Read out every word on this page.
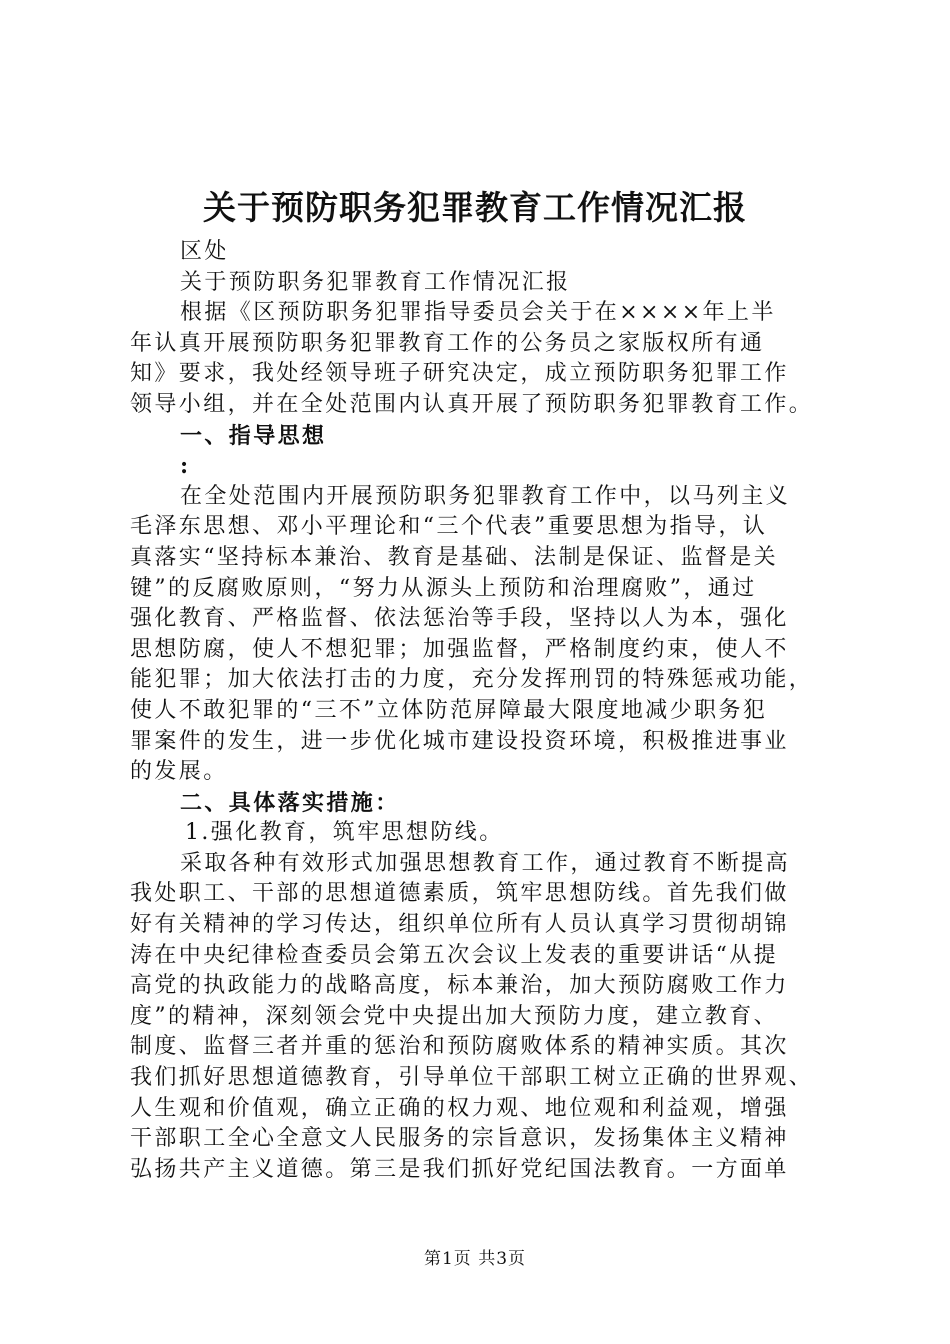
关于预防职务犯罪教育工作情况汇报
区处
关于预防职务犯罪教育工作情况汇报
根据《区预防职务犯罪指导委员会关于在××××年上半
年认真开展预防职务犯罪教育工作的公务员之家版权所有通
知》要求，我处经领导班子研究决定，成立预防职务犯罪工作
领导小组，并在全处范围内认真开展了预防职务犯罪教育工作。
一、指导思想
:
在全处范围内开展预防职务犯罪教育工作中，以马列主义
毛泽东思想、邓小平理论和“三个代表”重要思想为指导，认
真落实“坚持标本兼治、教育是基础、法制是保证、监督是关
键”的反腐败原则，“努力从源头上预防和治理腐败”，通过
强化教育、严格监督、依法惩治等手段，坚持以人为本，强化
思想防腐，使人不想犯罪；加强监督，严格制度约束，使人不
能犯罪；加大依法打击的力度，充分发挥刑罚的特殊惩戒功能，
使人不敢犯罪的“三不”立体防范屏障最大限度地减少职务犯
罪案件的发生，进一步优化城市建设投资环境，积极推进事业
的发展。
二、具体落实措施：
1.强化教育，筑牢思想防线。
采取各种有效形式加强思想教育工作，通过教育不断提高
我处职工、干部的思想道德素质，筑牢思想防线。首先我们做
好有关精神的学习传达，组织单位所有人员认真学习贯彻胡锦
涛在中央纪律检查委员会第五次会议上发表的重要讲话“从提
高党的执政能力的战略高度，标本兼治，加大预防腐败工作力
度”的精神，深刻领会党中央提出加大预防力度，建立教育、
制度、监督三者并重的惩治和预防腐败体系的精神实质。其次
我们抓好思想道德教育，引导单位干部职工树立正确的世界观、
人生观和价值观，确立正确的权力观、地位观和利益观，增强
干部职工全心全意文人民服务的宗旨意识，发扬集体主义精神
弘扬共产主义道德。第三是我们抓好党纪国法教育。一方面单
第1页 共3页
